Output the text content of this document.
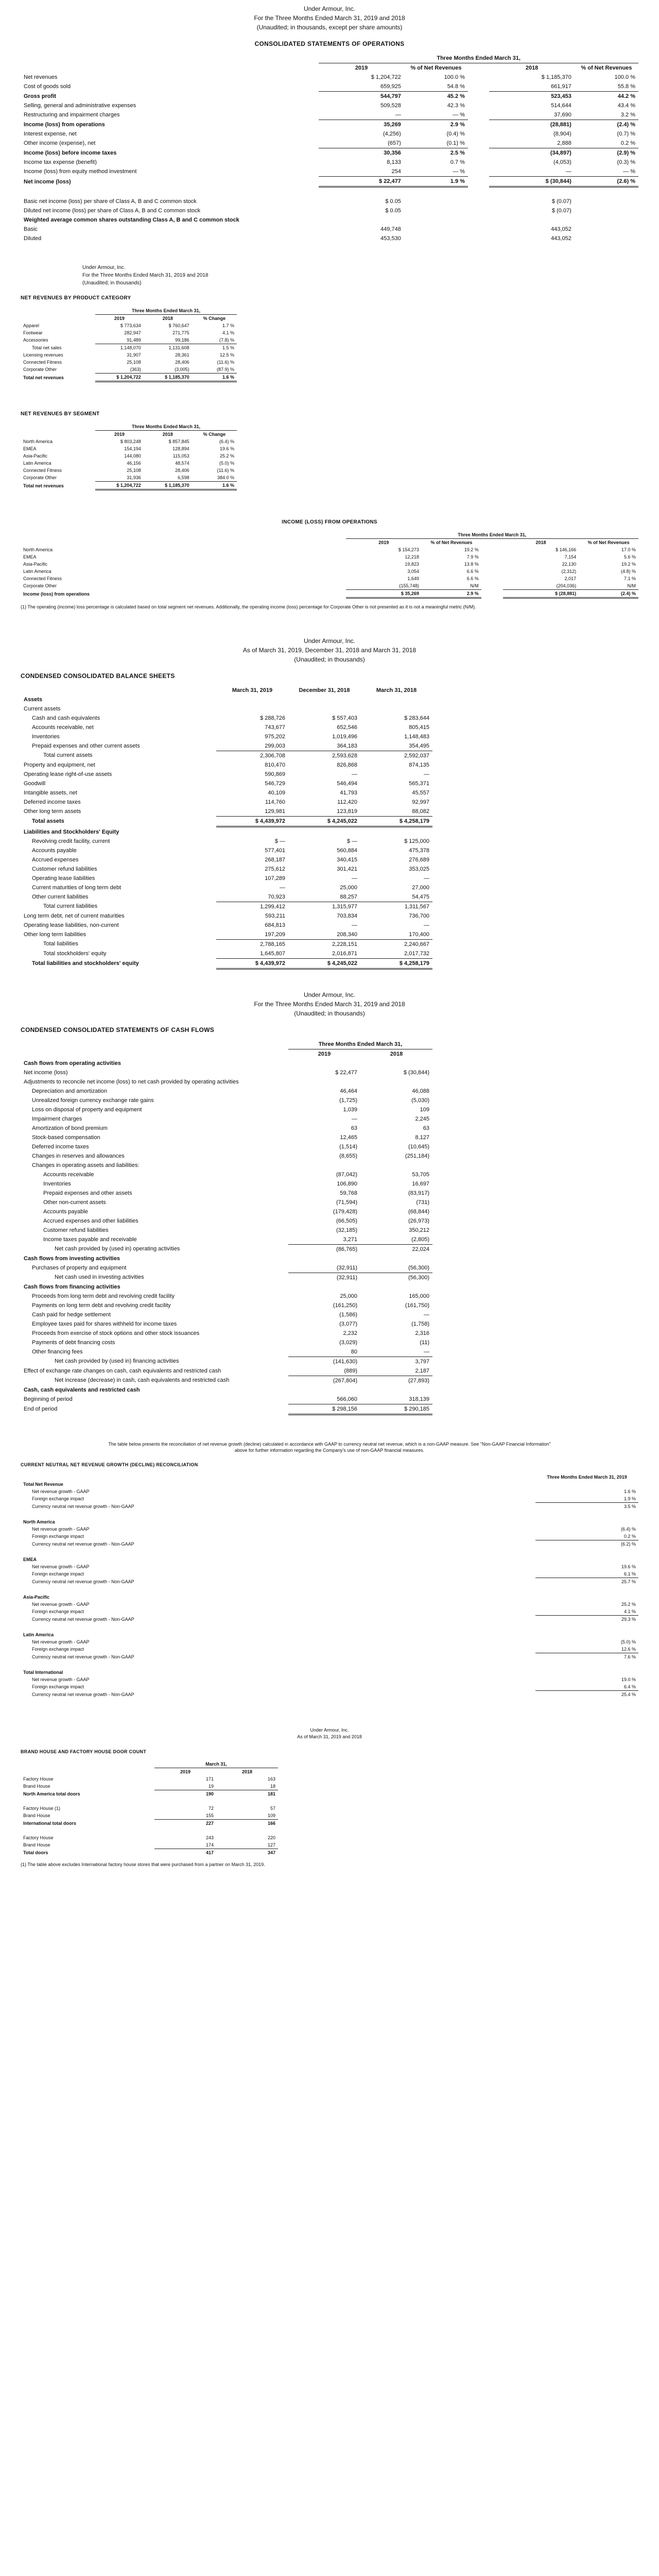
Under Armour, Inc.
For the Three Months Ended March 31, 2019 and 2018
(Unaudited; in thousands, except per share amounts)
CONSOLIDATED STATEMENTS OF OPERATIONS
	Three Months Ended March 31,				
	2019	% of Net Revenues		2018	% of Net Revenues
Net revenues	$ 1,204,722	100.0 %		$ 1,185,370	100.0 %
Cost of goods sold	659,925	54.8 %		661,917	55.8 %
Gross profit	544,797	45.2 %		523,453	44.2 %
Selling, general and administrative expenses	509,528	42.3 %		514,644	43.4 %
Restructuring and impairment charges	—	— %		37,690	3.2 %
Income (loss) from operations	35,269	2.9 %		(28,881)	(2.4) %
Interest expense, net	(4,256)	(0.4) %		(8,904)	(0.7) %
Other income (expense), net	(657)	(0.1) %		2,888	0.2 %
Income (loss) before income taxes	30,356	2.5 %		(34,897)	(2.9) %
Income tax expense (benefit)	8,133	0.7 %		(4,053)	(0.3) %
Income (loss) from equity method investment	254	— %		—	— %
Net income (loss)	$ 22,477	1.9 %		$ (30,844)	(2.6) %

Basic net income (loss) per share of Class A, B and C common stock	$ 0.05			$ (0.07)	
Diluted net income (loss) per share of Class A, B and C common stock	$ 0.05			$ (0.07)	
Weighted average common shares outstanding Class A, B and C common stock					
Basic	449,748			443,052	
Diluted	453,530			443,052	
Under Armour, Inc.
For the Three Months Ended March 31, 2019 and 2018
(Unaudited; in thousands)
NET REVENUES BY PRODUCT CATEGORY
	Three Months Ended March 31,		
	2019	2018	% Change
Apparel	$ 773,634	$ 760,647	1.7 %
Footwear	282,947	271,775	4.1 %
Accessories	91,489	99,186	(7.8) %
Total net sales	1,148,070	1,131,608	1.5 %
Licensing revenues	31,907	28,361	12.5 %
Connected Fitness	25,108	28,406	(11.6) %
Corporate Other	(363)	(3,005)	(87.9) %
Total net revenues	$ 1,204,722	$ 1,185,370	1.6 %
NET REVENUES BY SEGMENT
	Three Months Ended March 31,		
	2019	2018	% Change
North America	$ 803,248	$ 857,845	(6.4) %
EMEA	154,194	128,894	19.6 %
Asia-Pacific	144,080	115,053	25.2 %
Latin America	46,156	48,574	(5.0) %
Connected Fitness	25,108	28,406	(11.6) %
Corporate Other	31,936	6,598	384.0 %
Total net revenues	$ 1,204,722	$ 1,185,370	1.6 %
INCOME (LOSS) FROM OPERATIONS
	Three Months Ended March 31,				
	2019	% of Net Revenues		2018	% of Net Revenues
North America	$ 154,273	19.2 %		$ 146,166	17.0 %
EMEA	12,218	7.9 %		7,154	5.6 %
Asia-Pacific	19,823	13.8 %		22,130	19.2 %
Latin America	3,054	6.6 %		(2,312)	(4.8) %
Connected Fitness	1,649	6.6 %		2,017	7.1 %
Corporate Other	(155,748)	N/M		(204,036)	N/M
Income (loss) from operations	$ 35,269	2.9 %		$ (28,881)	(2.4) %
(1) The operating (income) loss percentage is calculated based on total segment net revenues. Additionally, the operating income (loss) percentage for Corporate Other is not presented as it is not a meaningful metric (N/M).
Under Armour, Inc.
As of March 31, 2019, December 31, 2018 and March 31, 2018
(Unaudited; in thousands)
CONDENSED CONSOLIDATED BALANCE SHEETS
	March 31, 2019	December 31, 2018	March 31, 2018
Assets			
Current assets			
Cash and cash equivalents	$ 288,726	$ 557,403	$ 283,644
Accounts receivable, net	743,677	652,546	805,415
Inventories	975,202	1,019,496	1,148,483
Prepaid expenses and other current assets	299,003	364,183	354,495
Total current assets	2,306,708	2,593,628	2,592,037
Property and equipment, net	810,470	826,868	874,135
Operating lease right-of-use assets	590,869	—	—
Goodwill	546,729	546,494	565,371
Intangible assets, net	40,109	41,793	45,557
Deferred income taxes	114,760	112,420	92,997
Other long term assets	129,981	123,819	88,082
Total assets	$ 4,439,972	$ 4,245,022	$ 4,258,179
Liabilities and Stockholders' Equity			
Revolving credit facility, current	$ —	$ —	$ 125,000
Accounts payable	577,401	560,884	475,378
Accrued expenses	268,187	340,415	276,689
Customer refund liabilities	275,612	301,421	353,025
Operating lease liabilities	107,289	—	—
Current maturities of long term debt	—	25,000	27,000
Other current liabilities	70,923	88,257	54,475
Total current liabilities	1,299,412	1,315,977	1,311,567
Long term debt, net of current maturities	593,211	703,834	736,700
Operating lease liabilities, non-current	684,813	—	—
Other long term liabilities	197,209	208,340	170,400
Total liabilities	2,788,165	2,228,151	2,240,667
Total stockholders' equity	1,645,807	2,016,871	2,017,732
Total liabilities and stockholders' equity	$ 4,439,972	$ 4,245,022	$ 4,258,179
Under Armour, Inc.
For the Three Months Ended March 31, 2019 and 2018
(Unaudited; in thousands)
CONDENSED CONSOLIDATED STATEMENTS OF CASH FLOWS
	Three Months Ended March 31,	
	2019	2018
Cash flows from operating activities		
Net income (loss)	$ 22,477	$ (30,844)
Adjustments to reconcile net income (loss) to net cash provided by operating activities		
Depreciation and amortization	46,464	46,088
Unrealized foreign currency exchange rate gains	(1,725)	(5,030)
Loss on disposal of property and equipment	1,039	109
Impairment charges	—	2,245
Amortization of bond premium	63	63
Stock-based compensation	12,465	8,127
Deferred income taxes	(1,514)	(10,645)
Changes in reserves and allowances	(8,655)	(251,184)
Changes in operating assets and liabilities:		
Accounts receivable	(87,042)	53,705
Inventories	106,890	16,697
Prepaid expenses and other assets	59,768	(83,917)
Other non-current assets	(71,594)	(731)
Accounts payable	(179,428)	(68,844)
Accrued expenses and other liabilities	(66,505)	(26,973)
Customer refund liabilities	(32,185)	350,212
Income taxes payable and receivable	3,271	(2,805)
Net cash provided by (used in) operating activities	(86,765)	22,024
Cash flows from investing activities		
Purchases of property and equipment	(32,911)	(56,300)
Net cash used in investing activities	(32,911)	(56,300)
Cash flows from financing activities		
Proceeds from long term debt and revolving credit facility	25,000	165,000
Payments on long term debt and revolving credit facility	(161,250)	(161,750)
Cash paid for hedge settlement	(1,586)	—
Employee taxes paid for shares withheld for income taxes	(3,077)	(1,758)
Proceeds from exercise of stock options and other stock issuances	2,232	2,316
Payments of debt financing costs	(3,029)	(11)
Other financing fees	80	—
Net cash provided by (used in) financing activities	(141,630)	3,797
Effect of exchange rate changes on cash, cash equivalents and restricted cash	(889)	2,187
Net increase (decrease) in cash, cash equivalents and restricted cash	(267,804)	(27,893)
Cash, cash equivalents and restricted cash		
Beginning of period	566,060	318,139
End of period	$ 298,156	$ 290,185
The table below presents the reconciliation of net revenue growth (decline) calculated in accordance with GAAP to currency neutral net revenue, which is a non-GAAP measure. See "Non-GAAP Financial Information" above for further information regarding the Company's use of non-GAAP financial measures.
CURRENT NEUTRAL NET REVENUE GROWTH (DECLINE) RECONCILIATION
	Three Months Ended March 31, 2019
Total Net Revenue	
Net revenue growth - GAAP	1.6 %
Foreign exchange impact	1.9 %
Currency neutral net revenue growth - Non-GAAP	3.5 %

North America	
Net revenue growth - GAAP	(6.4) %
Foreign exchange impact	0.2 %
Currency neutral net revenue growth - Non-GAAP	(6.2) %

EMEA	
Net revenue growth - GAAP	19.6 %
Foreign exchange impact	6.1 %
Currency neutral net revenue growth - Non-GAAP	25.7 %

Asia-Pacific	
Net revenue growth - GAAP	25.2 %
Foreign exchange impact	4.1 %
Currency neutral net revenue growth - Non-GAAP	29.3 %

Latin America	
Net revenue growth - GAAP	(5.0) %
Foreign exchange impact	12.6 %
Currency neutral net revenue growth - Non-GAAP	7.6 %

Total International	
Net revenue growth - GAAP	19.0 %
Foreign exchange impact	6.4 %
Currency neutral net revenue growth - Non-GAAP	25.4 %

Under Armour, Inc.
As of March 31, 2019 and 2018
BRAND HOUSE AND FACTORY HOUSE DOOR COUNT
	March 31,	
	2019	2018
Factory House	171	163
Brand House	19	18
North America total doors	190	181

Factory House (1)	72	57
Brand House	155	109
International total doors	227	166

Factory House	243	220
Brand House	174	127
Total doors	417	347
(1) The table above excludes International factory house stores that were purchased from a partner on March 31, 2019.
